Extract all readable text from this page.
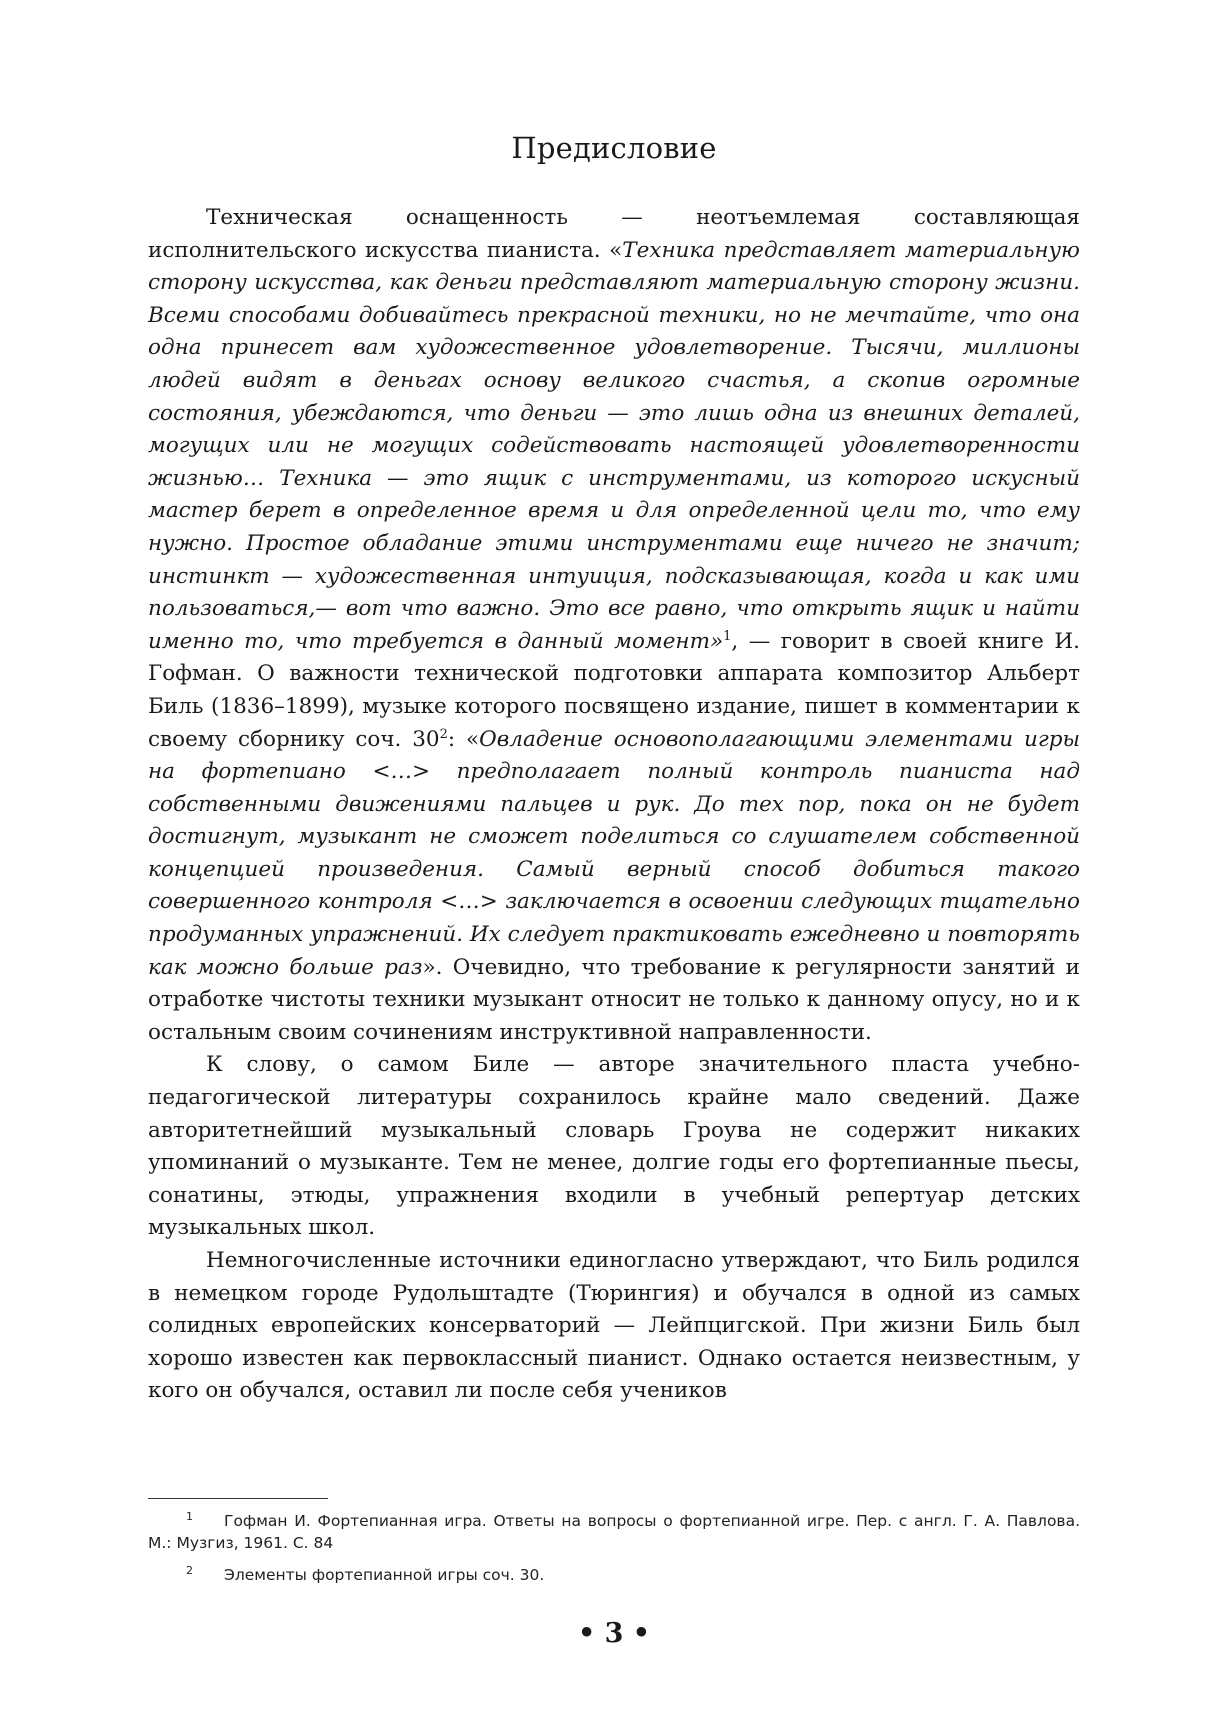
Предисловие

Техническая оснащенность — неотъемлемая составляющая исполнительского искусства пианиста. «Техника представляет материальную сторону искусства, как деньги представляют материальную сторону жизни. Всеми способами добивайтесь прекрасной техники, но не мечтайте, что она одна принесет вам художественное удовлетворение. Тысячи, миллионы людей видят в деньгах основу великого счастья, а скопив огромные состояния, убеждаются, что деньги — это лишь одна из внешних деталей, могущих или не могущих содействовать настоящей удовлетворенности жизнью… Техника — это ящик с инструментами, из которого искусный мастер берет в определенное время и для определенной цели то, что ему нужно. Простое обладание этими инструментами еще ничего не значит; инстинкт — художественная интуиция, подсказывающая, когда и как ими пользоваться,— вот что важно. Это все равно, что открыть ящик и найти именно то, что требуется в данный момент»$^1$, — говорит в своей книге И. Гофман. О важности технической подготовки аппарата композитор Альберт Биль (1836–1899), музыке которого посвящено издание, пишет в комментарии к своему сборнику соч. $30^2$: «Овладение основополагающими элементами игры на фортепиано <…> предполагает полный контроль пианиста над собственными движениями пальцев и рук. До тех пор, пока он не будет достигнут, музыкант не сможет поделиться со слушателем собственной концепцией произведения. Самый верный способ добиться такого совершенного контроля <…> заключается в освоении следующих тщательно продуманных упражнений. Их следует практиковать ежедневно и повторять как можно больше раз». Очевидно, что требование к регулярности занятий и отработке чистоты техники музыкант относит не только к данному опусу, но и к остальным своим сочинениям инструктивной направленности.

К слову, о самом Биле — авторе значительного пласта учебно-педагогической литературы сохранилось крайне мало сведений. Даже авторитетнейший музыкальный словарь Гроува не содержит никаких упоминаний о музыканте. Тем не менее, долгие годы его фортепианные пьесы, сонатины, этюды, упражнения входили в учебный репертуар детских музыкальных школ.

Немногочисленные источники единогласно утверждают, что Биль родился в немецком городе Рудольштадте (Тюрингия) и обучался в одной из самых солидных европейских консерваторий — Лейпцигской. При жизни Биль был хорошо известен как первоклассный пианист. Однако остается неизвестным, у кого он обучался, оставил ли после себя учеников

1 Гофман И. Фортепианная игра. Ответы на вопросы о фортепианной игре. Пер. с англ. Г. А. Павлова. М.: Музгиз, 1961. С. 84
2 Элементы фортепианной игры соч. 30.
• 3 •
